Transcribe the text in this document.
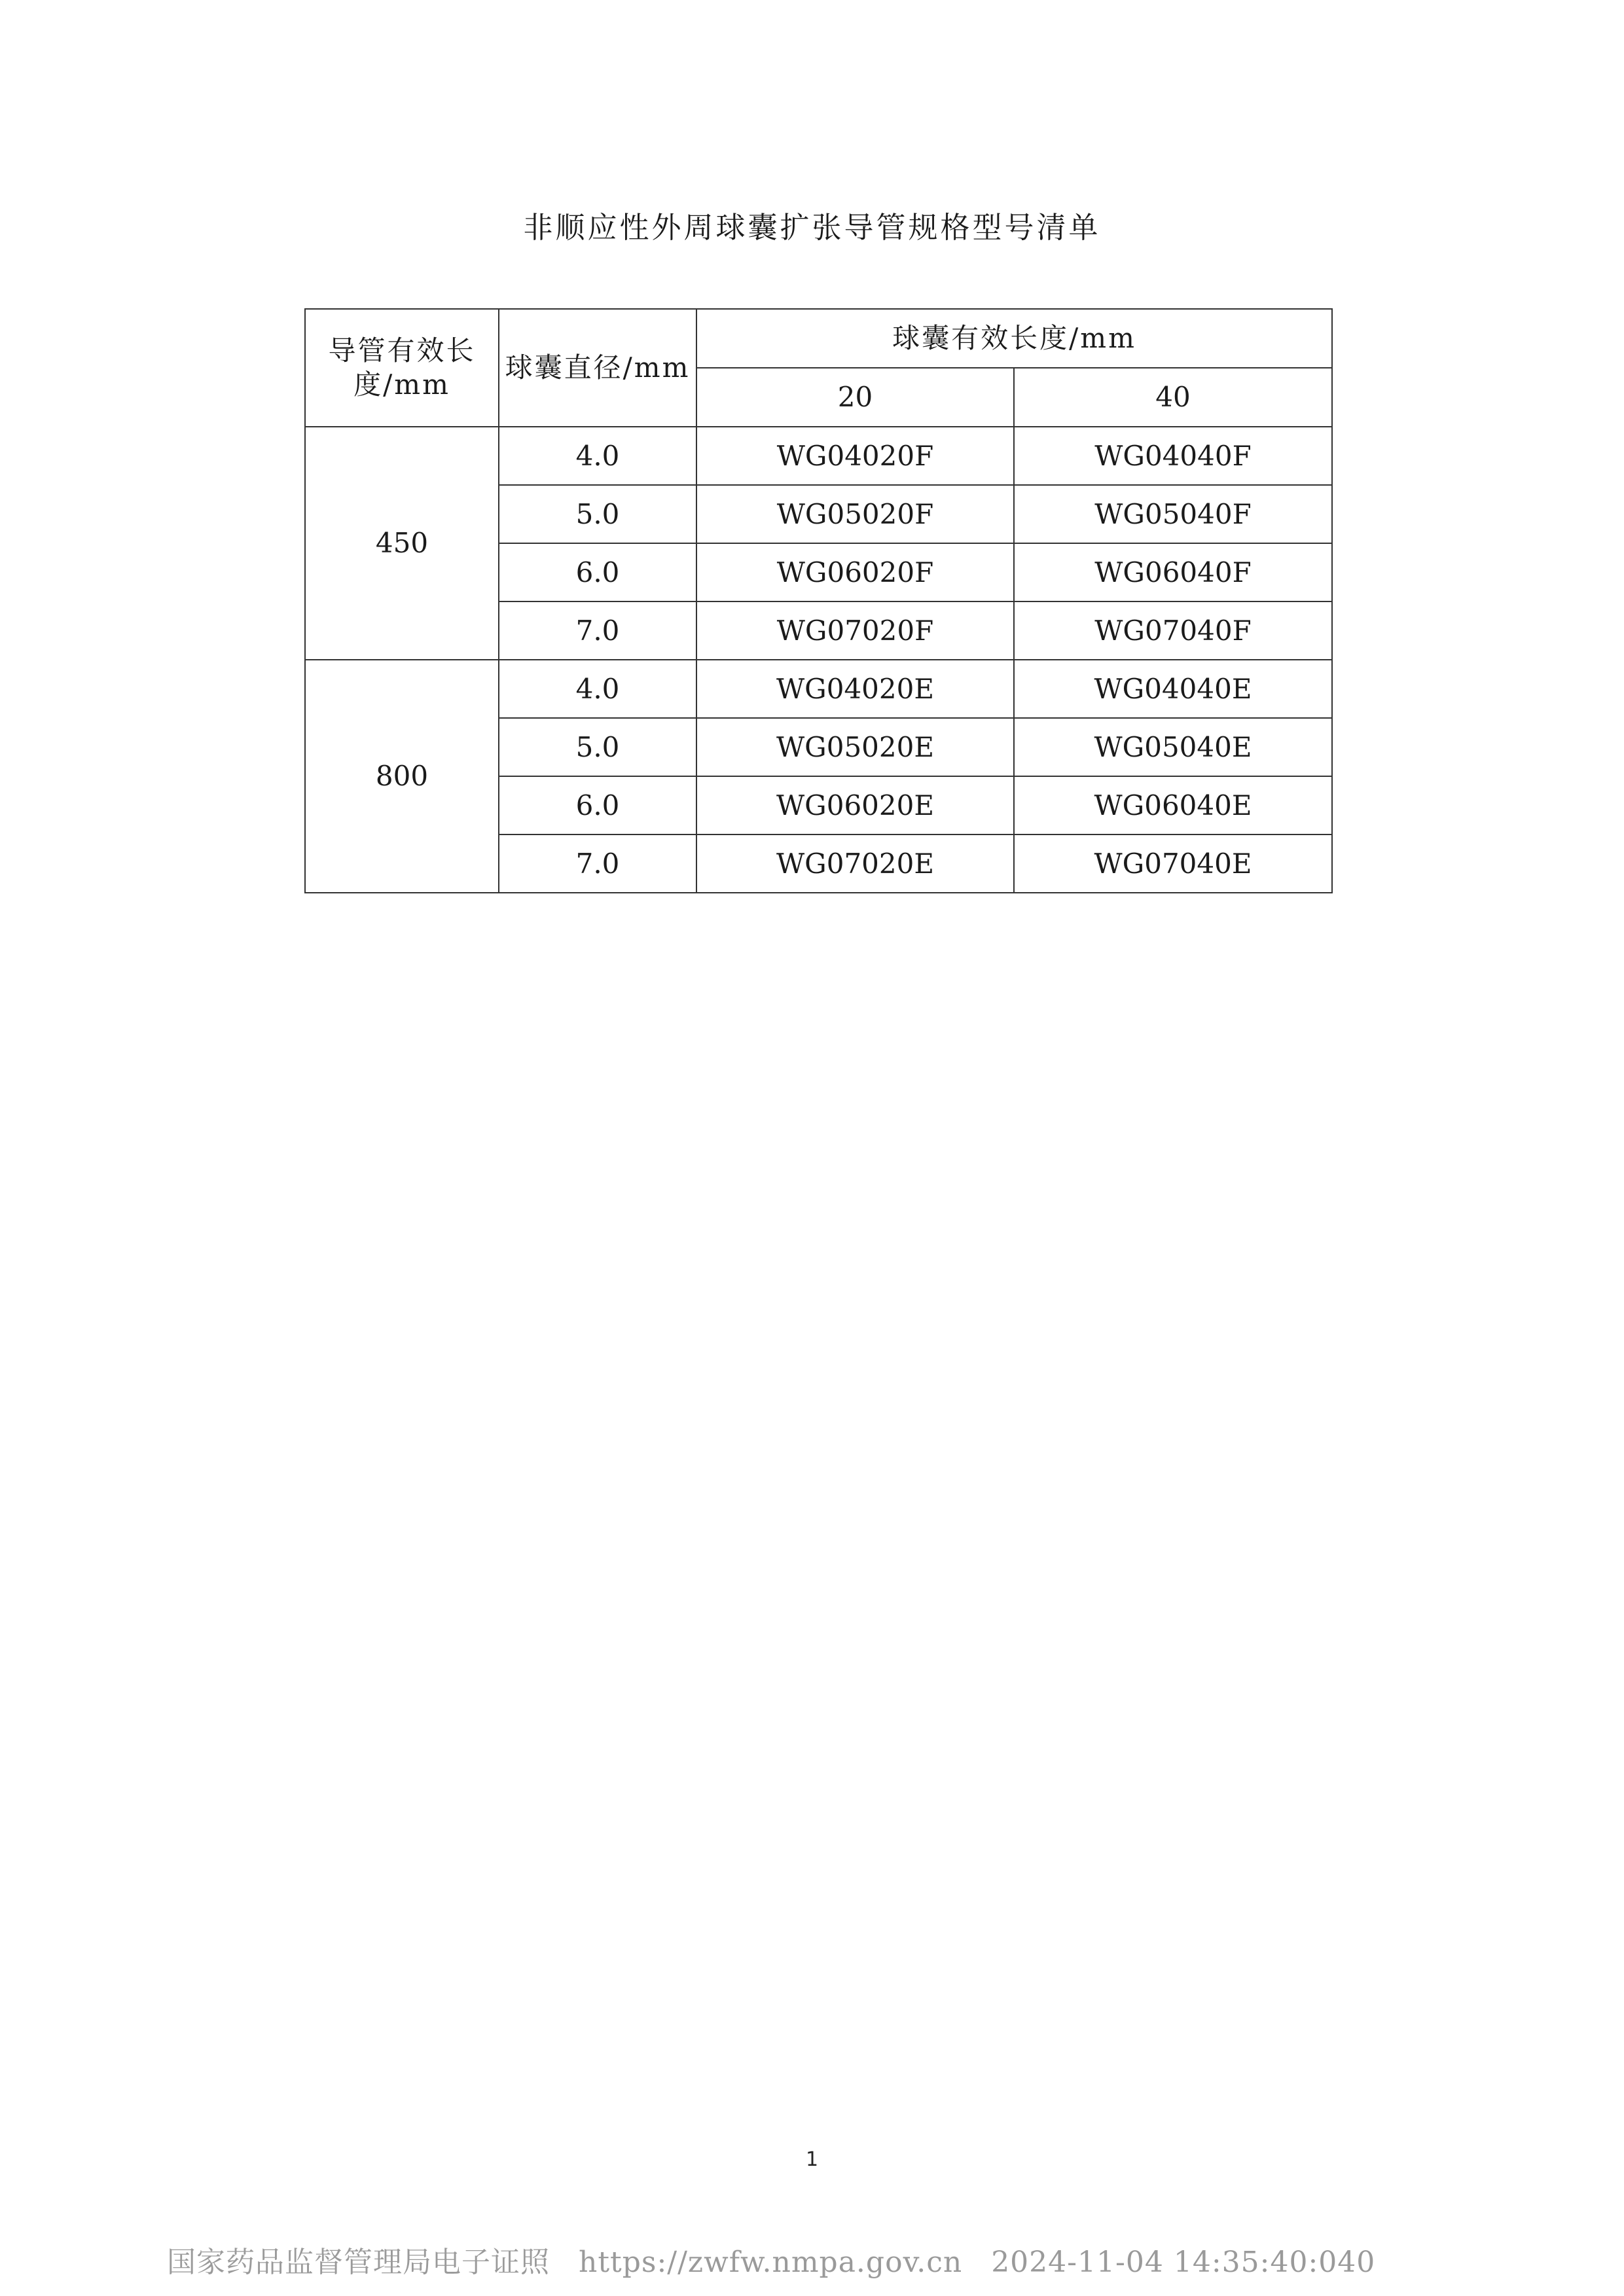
非顺应性外周球囊扩张导管规格型号清单
导管有效长度/mm	球囊直径/mm	球囊有效长度/mm	
		20	40
450	4.0	WG04020F	WG04040F
	5.0	WG05020F	WG05040F
	6.0	WG06020F	WG06040F
	7.0	WG07020F	WG07040F
800	4.0	WG04020E	WG04040E
	5.0	WG05020E	WG05040E
	6.0	WG06020E	WG06040E
	7.0	WG07020E	WG07040E
1
国家药品监督管理局电子证照 https://zwfw.nmpa.gov.cn 2024-11-04 14:35:40:040
